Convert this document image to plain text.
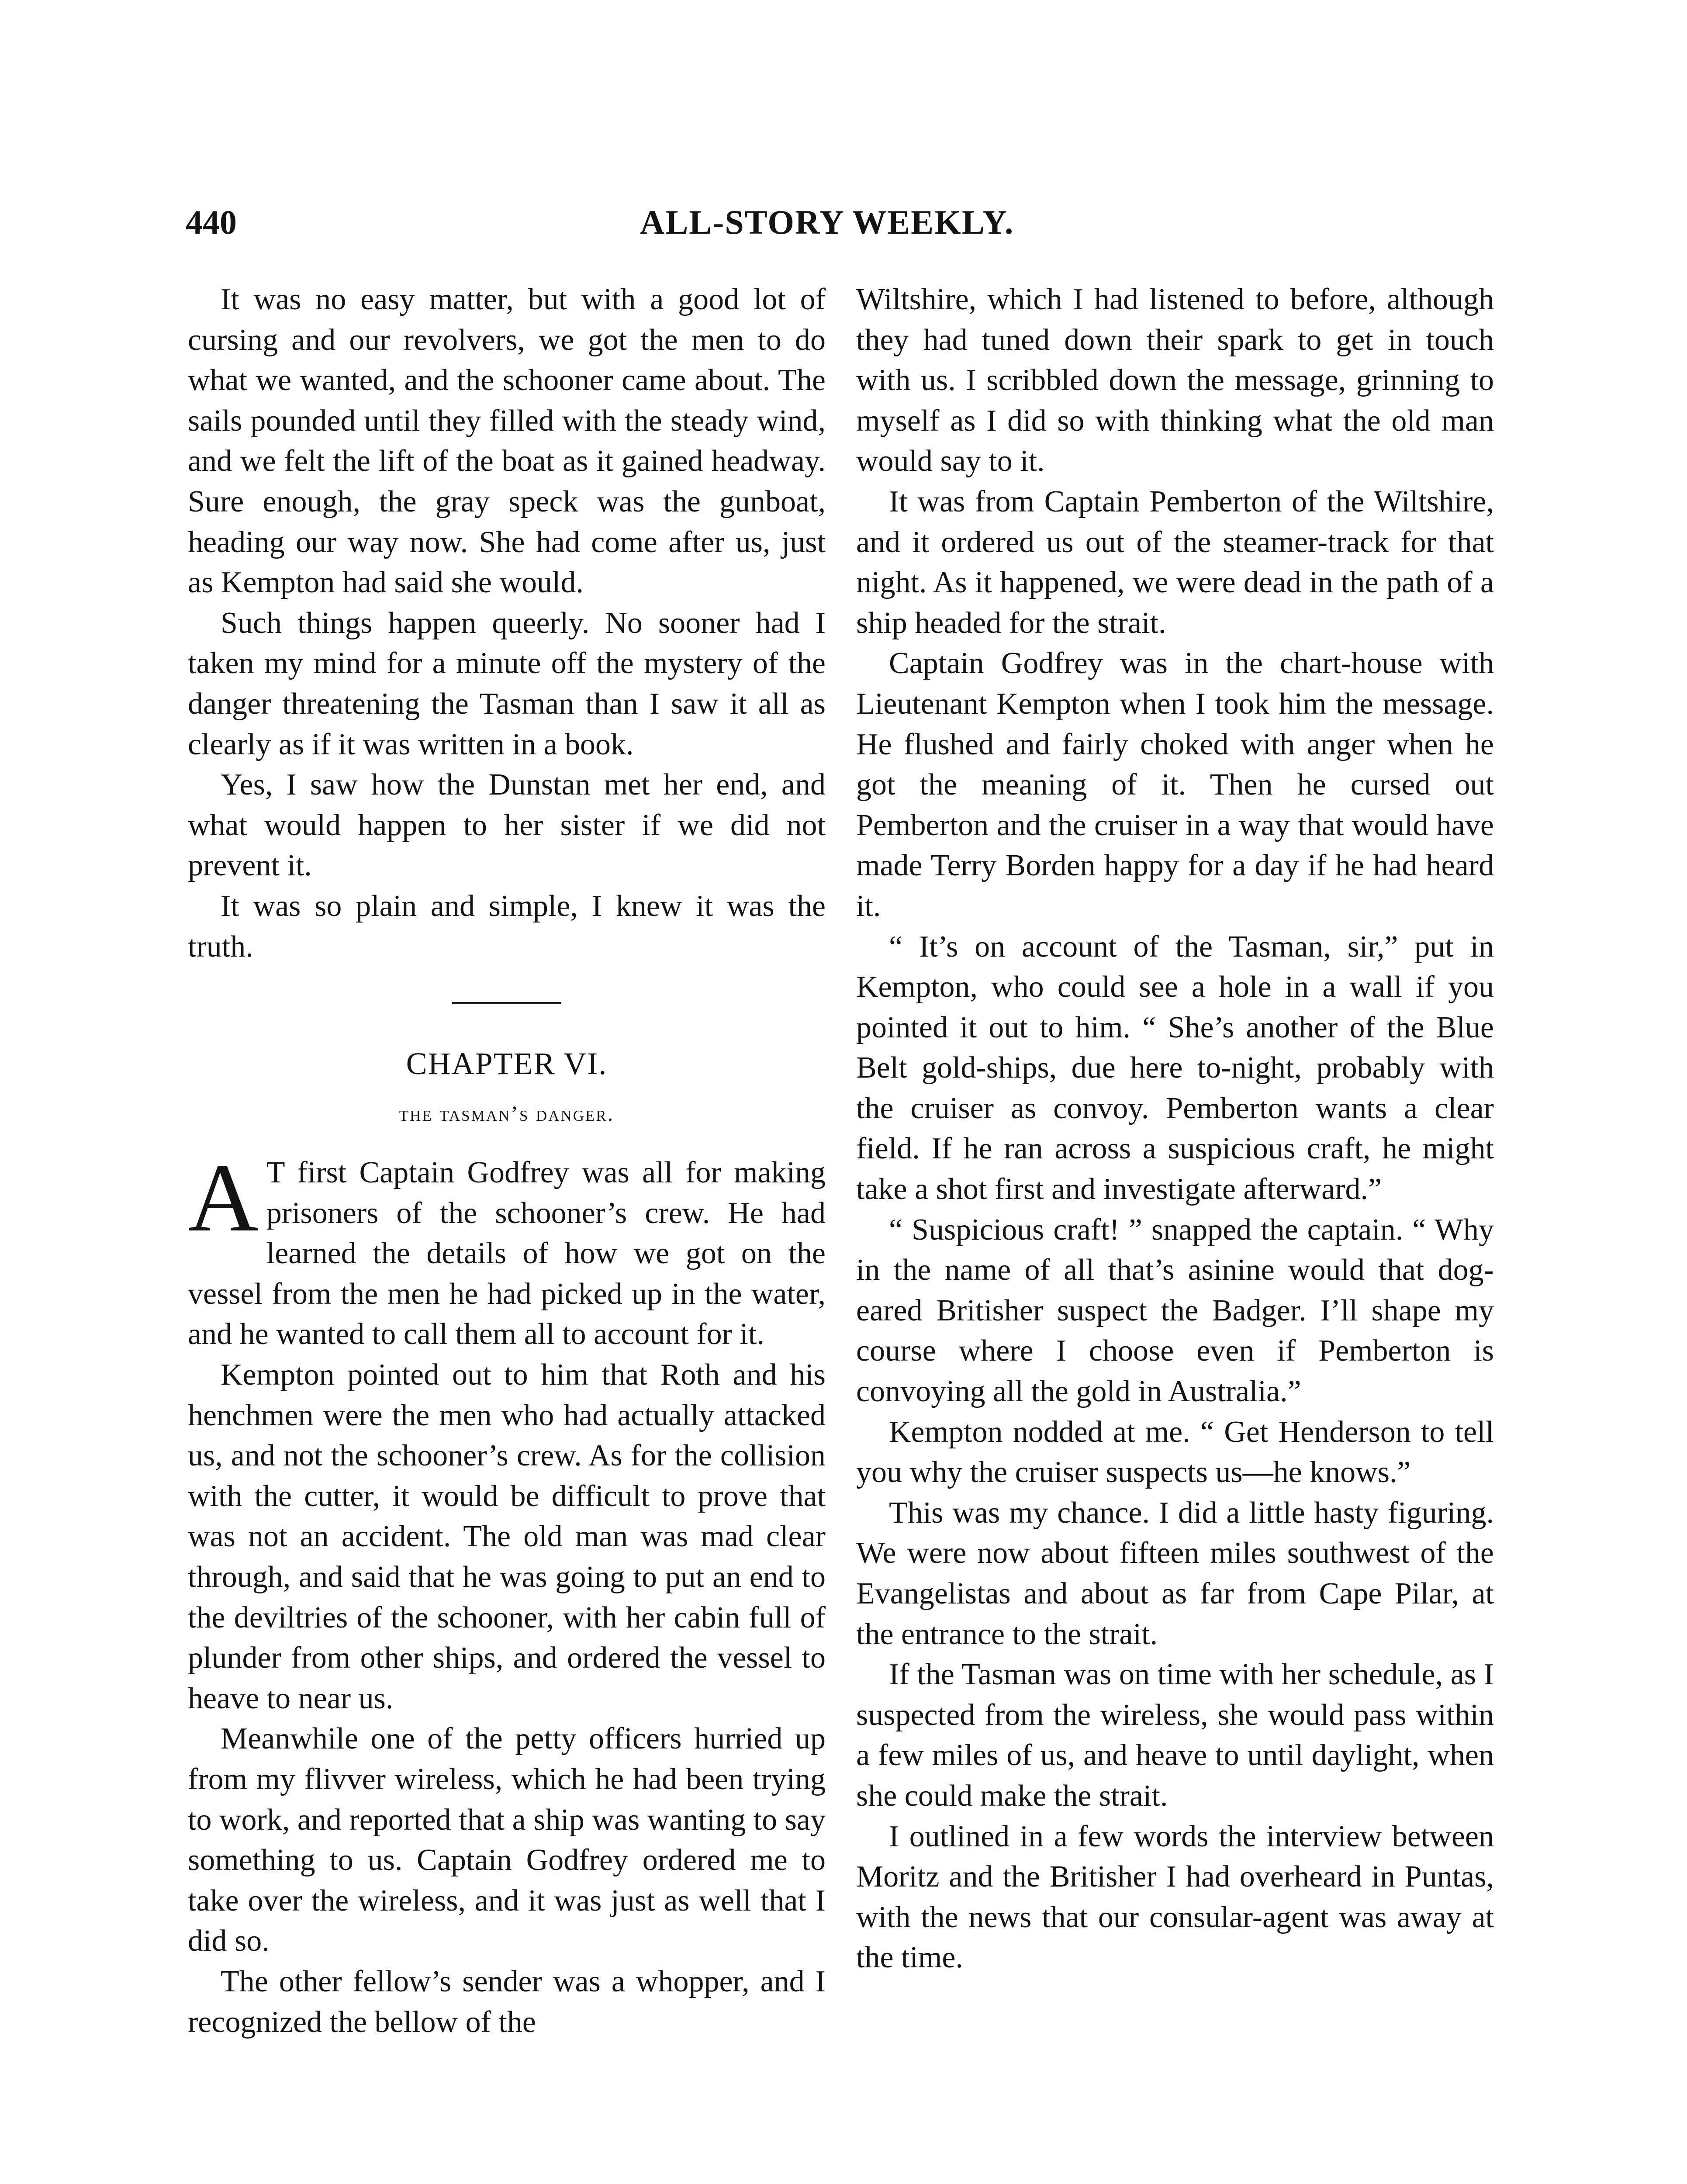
440	ALL-STORY WEEKLY.

It was no easy matter, but with a good lot of cursing and our revolvers, we got the men to do what we wanted, and the schooner came about. The sails pounded until they filled with the steady wind, and we felt the lift of the boat as it gained headway. Sure enough, the gray speck was the gunboat, heading our way now. She had come after us, just as Kempton had said she would.

Such things happen queerly. No sooner had I taken my mind for a minute off the mystery of the danger threatening the Tasman than I saw it all as clearly as if it was written in a book.

Yes, I saw how the Dunstan met her end, and what would happen to her sister if we did not prevent it.

It was so plain and simple, I knew it was the truth.

CHAPTER VI.
the tasman’s danger.

A T first Captain Godfrey was all for making prisoners of the schooner’s crew. He had learned the details of how we got on the vessel from the men he had picked up in the water, and he wanted to call them all to account for it.

Kempton pointed out to him that Roth and his henchmen were the men who had actually attacked us, and not the schooner’s crew. As for the collision with the cutter, it would be difficult to prove that was not an accident. The old man was mad clear through, and said that he was going to put an end to the deviltries of the schooner, with her cabin full of plunder from other ships, and ordered the vessel to heave to near us.

Meanwhile one of the petty officers hurried up from my flivver wireless, which he had been trying to work, and reported that a ship was wanting to say something to us. Captain Godfrey ordered me to take over the wireless, and it was just as well that I did so.

The other fellow’s sender was a whopper, and I recognized the bellow of the

Wiltshire, which I had listened to before, although they had tuned down their spark to get in touch with us. I scribbled down the message, grinning to myself as I did so with thinking what the old man would say to it.

It was from Captain Pemberton of the Wiltshire, and it ordered us out of the steamer-track for that night. As it happened, we were dead in the path of a ship headed for the strait.

Captain Godfrey was in the chart-house with Lieutenant Kempton when I took him the message. He flushed and fairly choked with anger when he got the meaning of it. Then he cursed out Pemberton and the cruiser in a way that would have made Terry Borden happy for a day if he had heard it.

“ It’s on account of the Tasman, sir,” put in Kempton, who could see a hole in a wall if you pointed it out to him. “ She’s another of the Blue Belt gold-ships, due here to-night, probably with the cruiser as convoy. Pemberton wants a clear field. If he ran across a suspicious craft, he might take a shot first and investigate afterward.”

“ Suspicious craft! ” snapped the captain. “ Why in the name of all that’s asinine would that dog-eared Britisher suspect the Badger. I’ll shape my course where I choose even if Pemberton is convoying all the gold in Australia.”

Kempton nodded at me. “ Get Henderson to tell you why the cruiser suspects us—he knows.”

This was my chance. I did a little hasty figuring. We were now about fifteen miles southwest of the Evangelistas and about as far from Cape Pilar, at the entrance to the strait.

If the Tasman was on time with her schedule, as I suspected from the wireless, she would pass within a few miles of us, and heave to until daylight, when she could make the strait.

I outlined in a few words the interview between Moritz and the Britisher I had overheard in Puntas, with the news that our consular-agent was away at the time.
